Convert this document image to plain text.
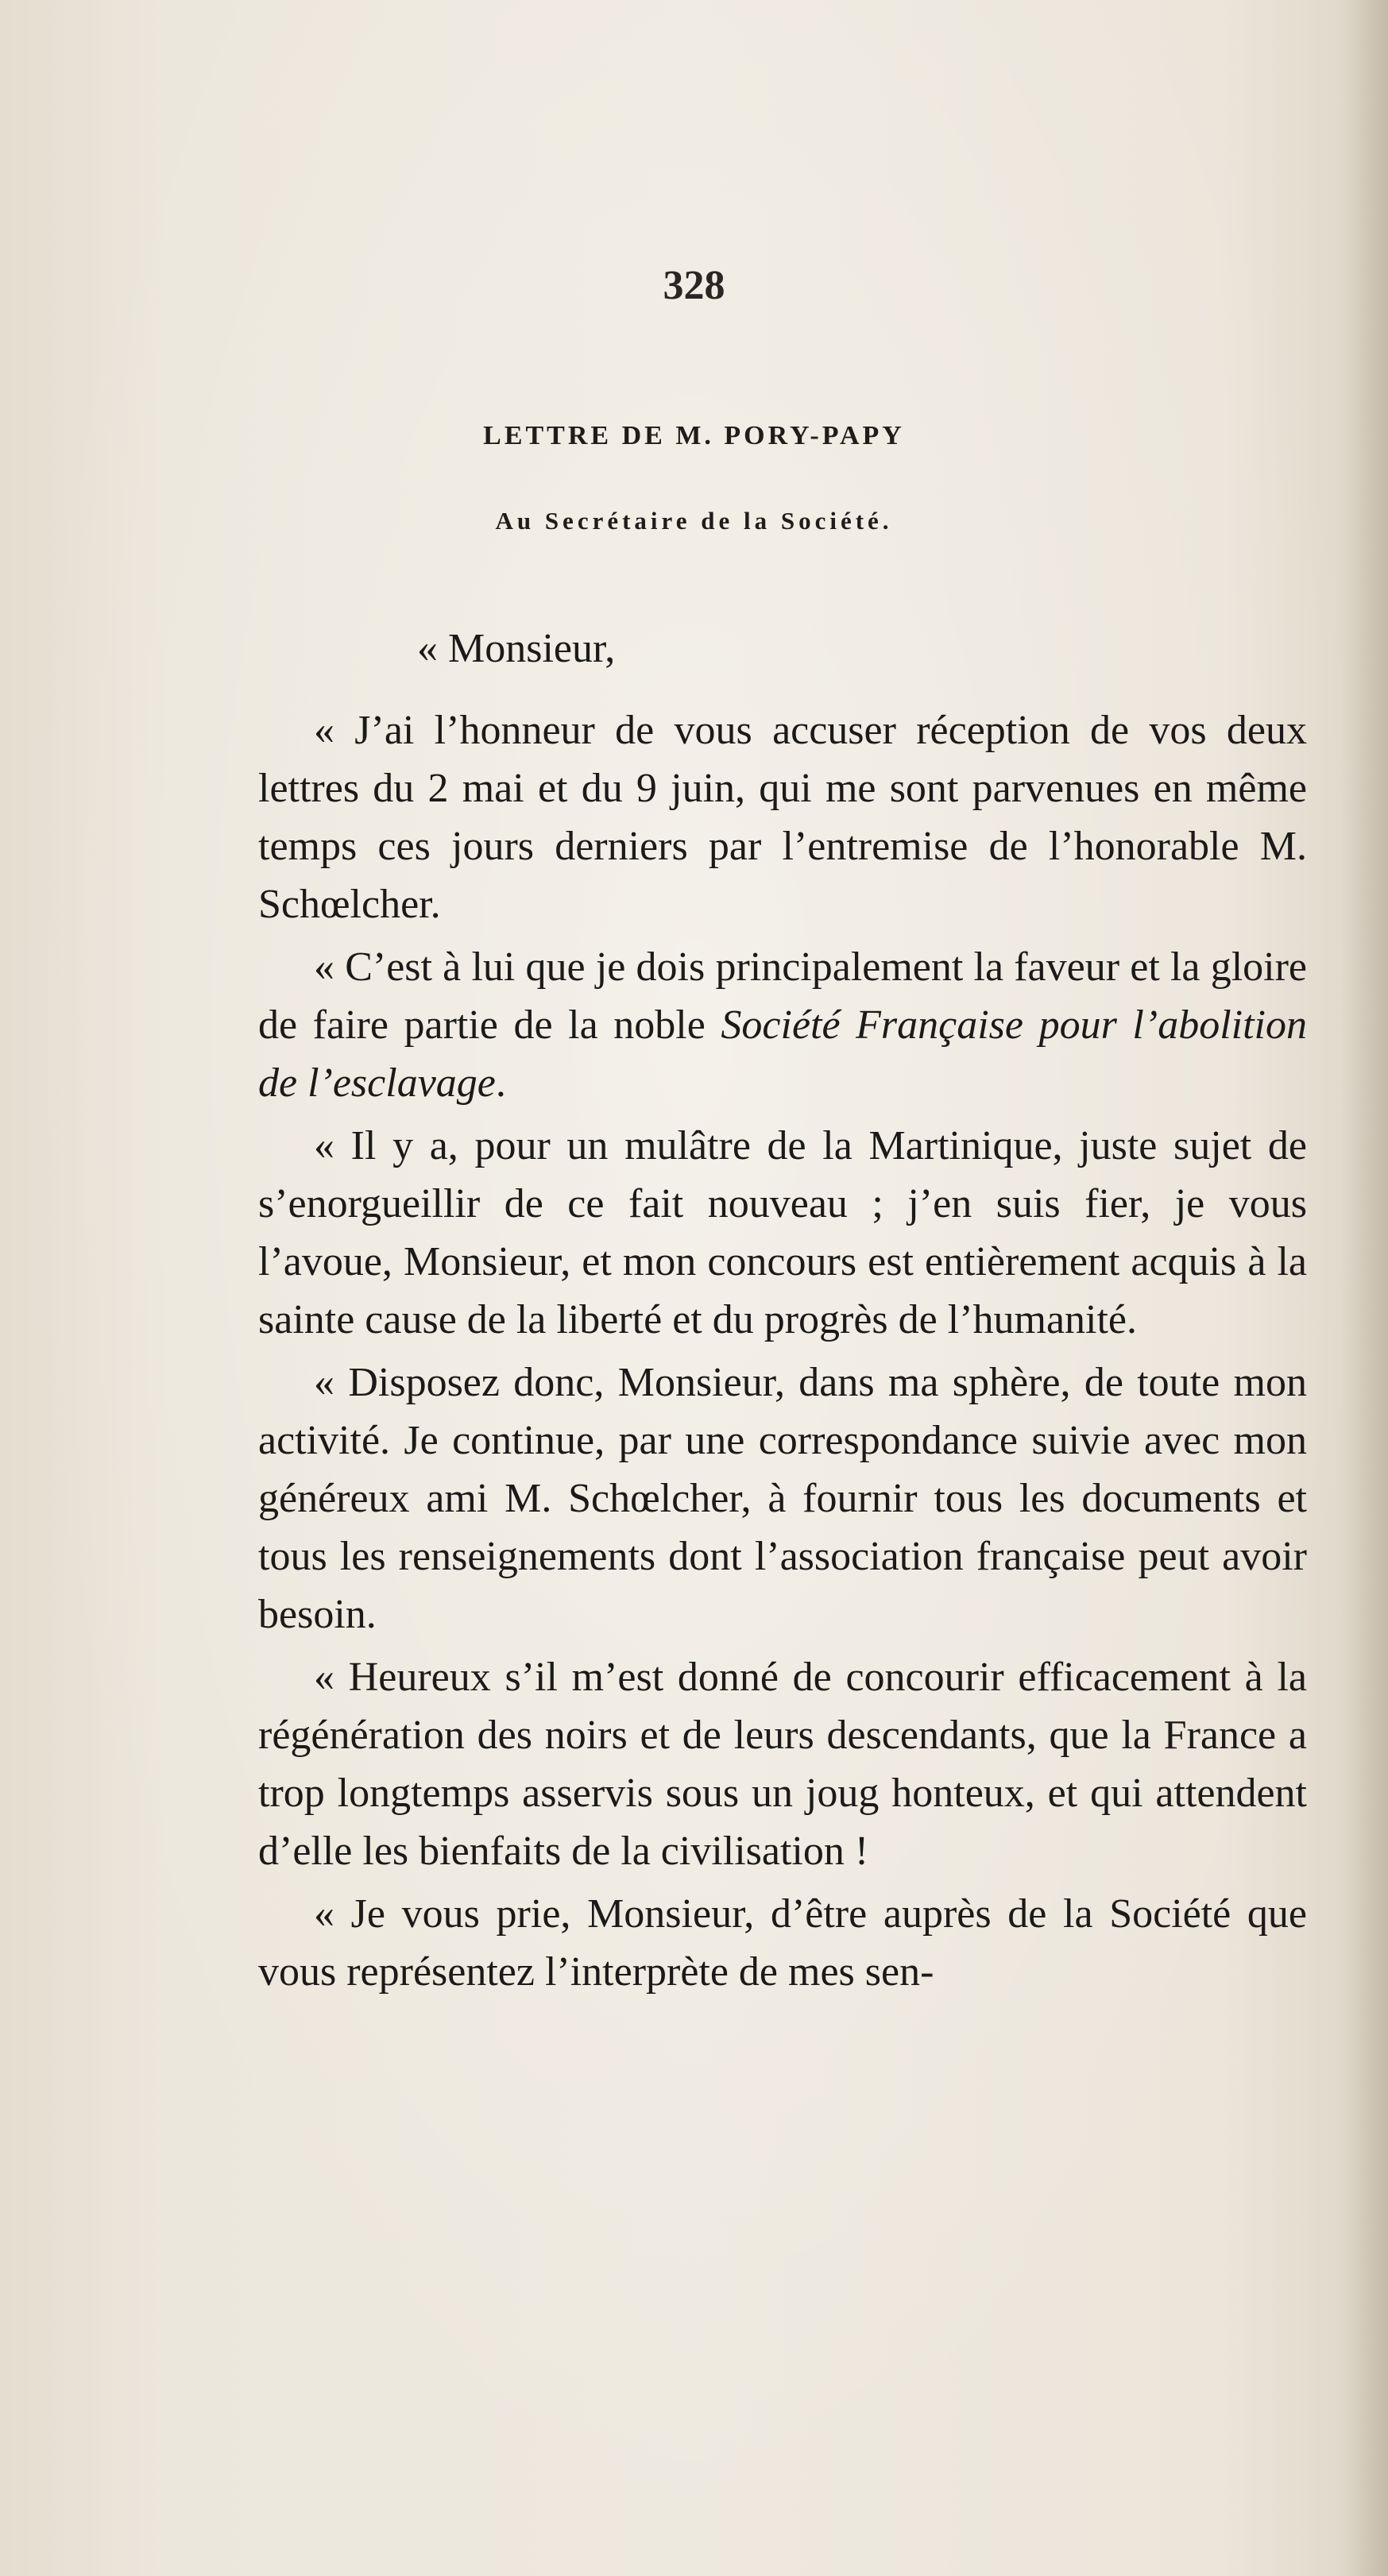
328
LETTRE DE M. PORY-PAPY
Au Secrétaire de la Société.

« Monsieur,

« J’ai l’honneur de vous accuser réception de vos deux lettres du 2 mai et du 9 juin, qui me sont parvenues en même temps ces jours derniers par l’entremise de l’honorable M. Schœlcher.

« C’est à lui que je dois principalement la faveur et la gloire de faire partie de la noble Société Française pour l’abolition de l’esclavage.

« Il y a, pour un mulâtre de la Martinique, juste sujet de s’enorgueillir de ce fait nouveau ; j’en suis fier, je vous l’avoue, Monsieur, et mon concours est entièrement acquis à la sainte cause de la liberté et du progrès de l’humanité.

« Disposez donc, Monsieur, dans ma sphère, de toute mon activité. Je continue, par une correspondance suivie avec mon généreux ami M. Schœlcher, à fournir tous les documents et tous les renseignements dont l’association française peut avoir besoin.

« Heureux s’il m’est donné de concourir efficacement à la régénération des noirs et de leurs descendants, que la France a trop longtemps asservis sous un joug honteux, et qui attendent d’elle les bienfaits de la civilisation !

« Je vous prie, Monsieur, d’être auprès de la Société que vous représentez l’interprète de mes sen-
